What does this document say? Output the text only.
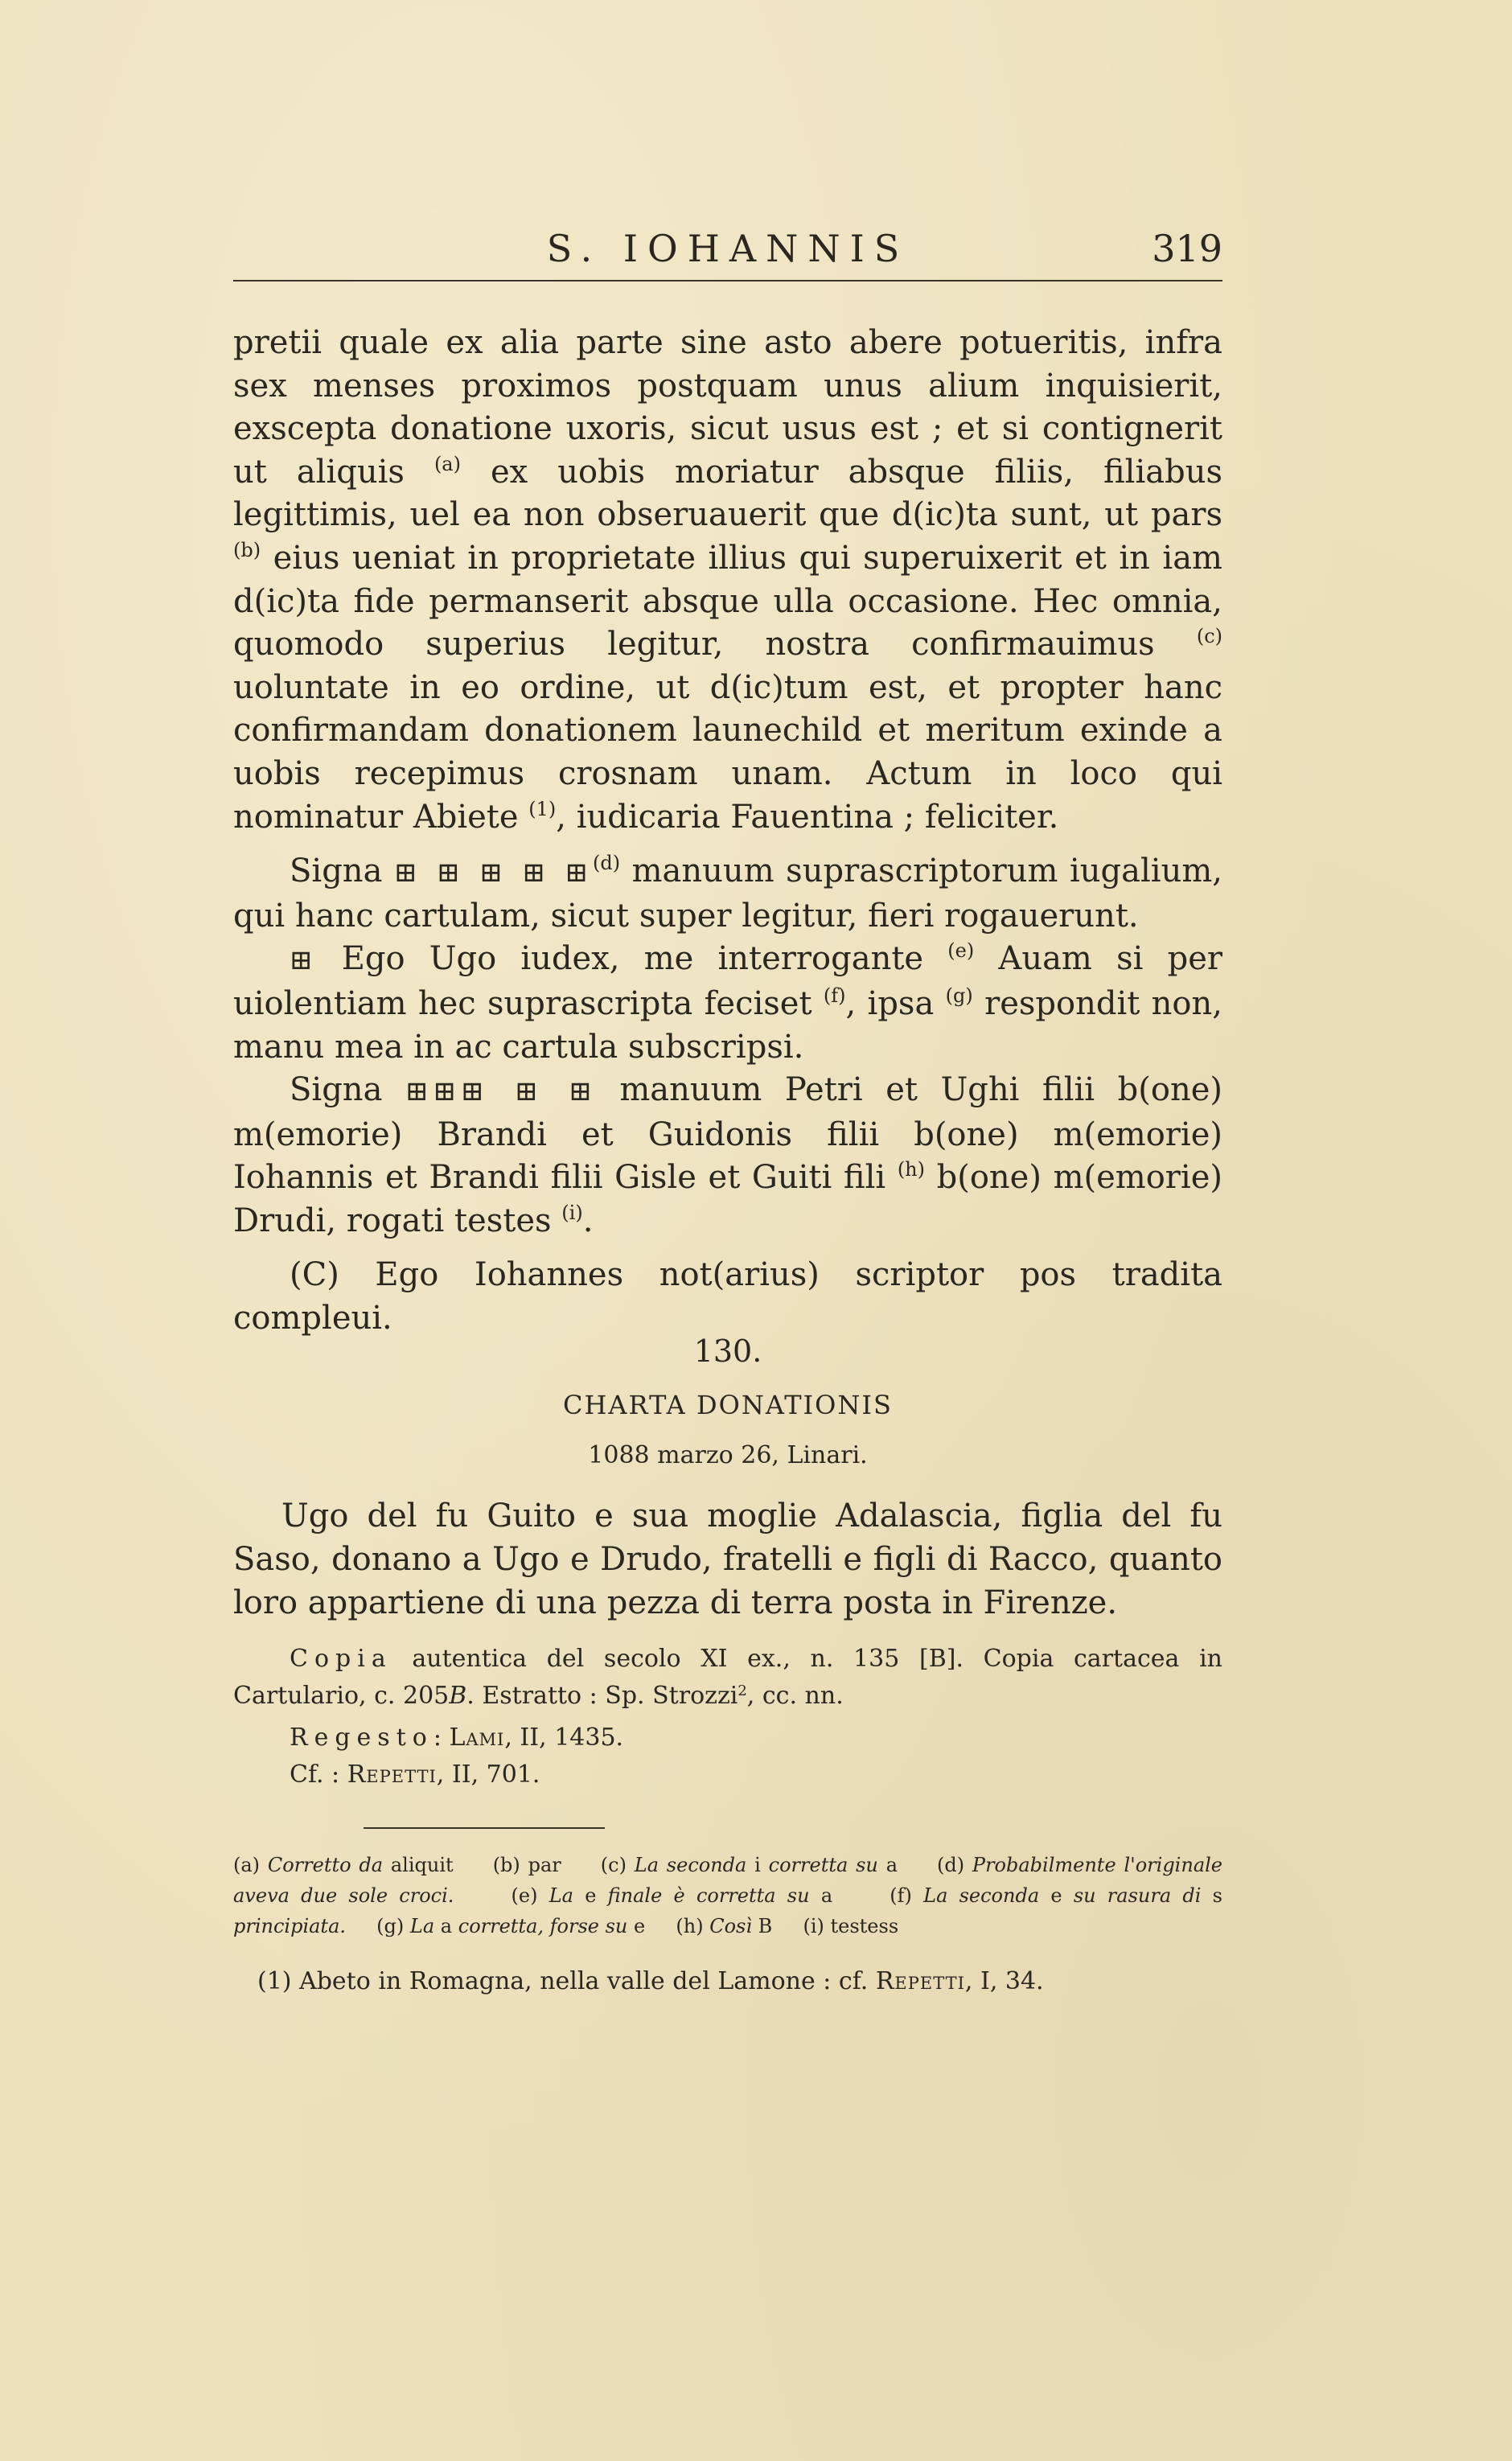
S. IOHANNIS	319

pretii quale ex alia parte sine asto abere potueritis, infra sex menses proximos postquam unus alium inquisierit, exscepta donatione uxoris, sicut usus est ; et si contignerit ut aliquis $^{(a)}$ ex uobis moriatur absque filiis, filiabus legittimis, uel ea non obseruauerit que d(ic)ta sunt, ut pars $^{(b)}$ eius ueniat in proprietate illius qui superuixerit et in iam d(ic)ta fide permanserit absque ulla occasione. Hec omnia, quomodo superius legitur, nostra confirmauimus $^{(c)}$ uoluntate in eo ordine, ut d(ic)tum est, et propter hanc confirmandam donationem launechild et meritum exinde a uobis recepimus crosnam unam. Actum in loco qui nominatur Abiete $^{(1)}$, iudicaria Fauentina ; feliciter.

Signa ⊞ ⊞ ⊞ ⊞ ⊞$^{(d)}$ manuum suprascriptorum iugalium, qui hanc cartulam, sicut super legitur, fieri rogauerunt.

⊞ Ego Ugo iudex, me interrogante $^{(e)}$ Auam si per uiolentiam hec suprascripta feciset $^{(f)}$, ipsa $^{(g)}$ respondit non, manu mea in ac cartula subscripsi.

Signa ⊞⊞⊞ ⊞ ⊞ manuum Petri et Ughi filii b(one) m(emorie) Brandi et Guidonis filii b(one) m(emorie) Iohannis et Brandi filii Gisle et Guiti fili $^{(h)}$ b(one) m(emorie) Drudi, rogati testes $^{(i)}$.

(C) Ego Iohannes not(arius) scriptor pos tradita compleui.

130.
CHARTA DONATIONIS
1088 marzo 26, Linari.

Ugo del fu Guito e sua moglie Adalascia, figlia del fu Saso, donano a Ugo e Drudo, fratelli e figli di Racco, quanto loro appartiene di una pezza di terra posta in Firenze.

Copia autentica del secolo XI ex., n. 135 [B]. Copia cartacea in Cartulario, c. 205B. Estratto : Sp. Strozzi$^2$, cc. nn.

Regesto: Lami, II, 1435.

Cf. : Repetti, II, 701.

(a) Corretto da aliquit (b) par (c) La seconda i corretta su a (d) Probabilmente l'originale aveva due sole croci.	(e) La e finale è corretta su a	(f) La seconda e su rasura di s principiata. (g) La a corretta, forse su e (h) Così B (i) testess

(1) Abeto in Romagna, nella valle del Lamone : cf. Repetti, I, 34.
